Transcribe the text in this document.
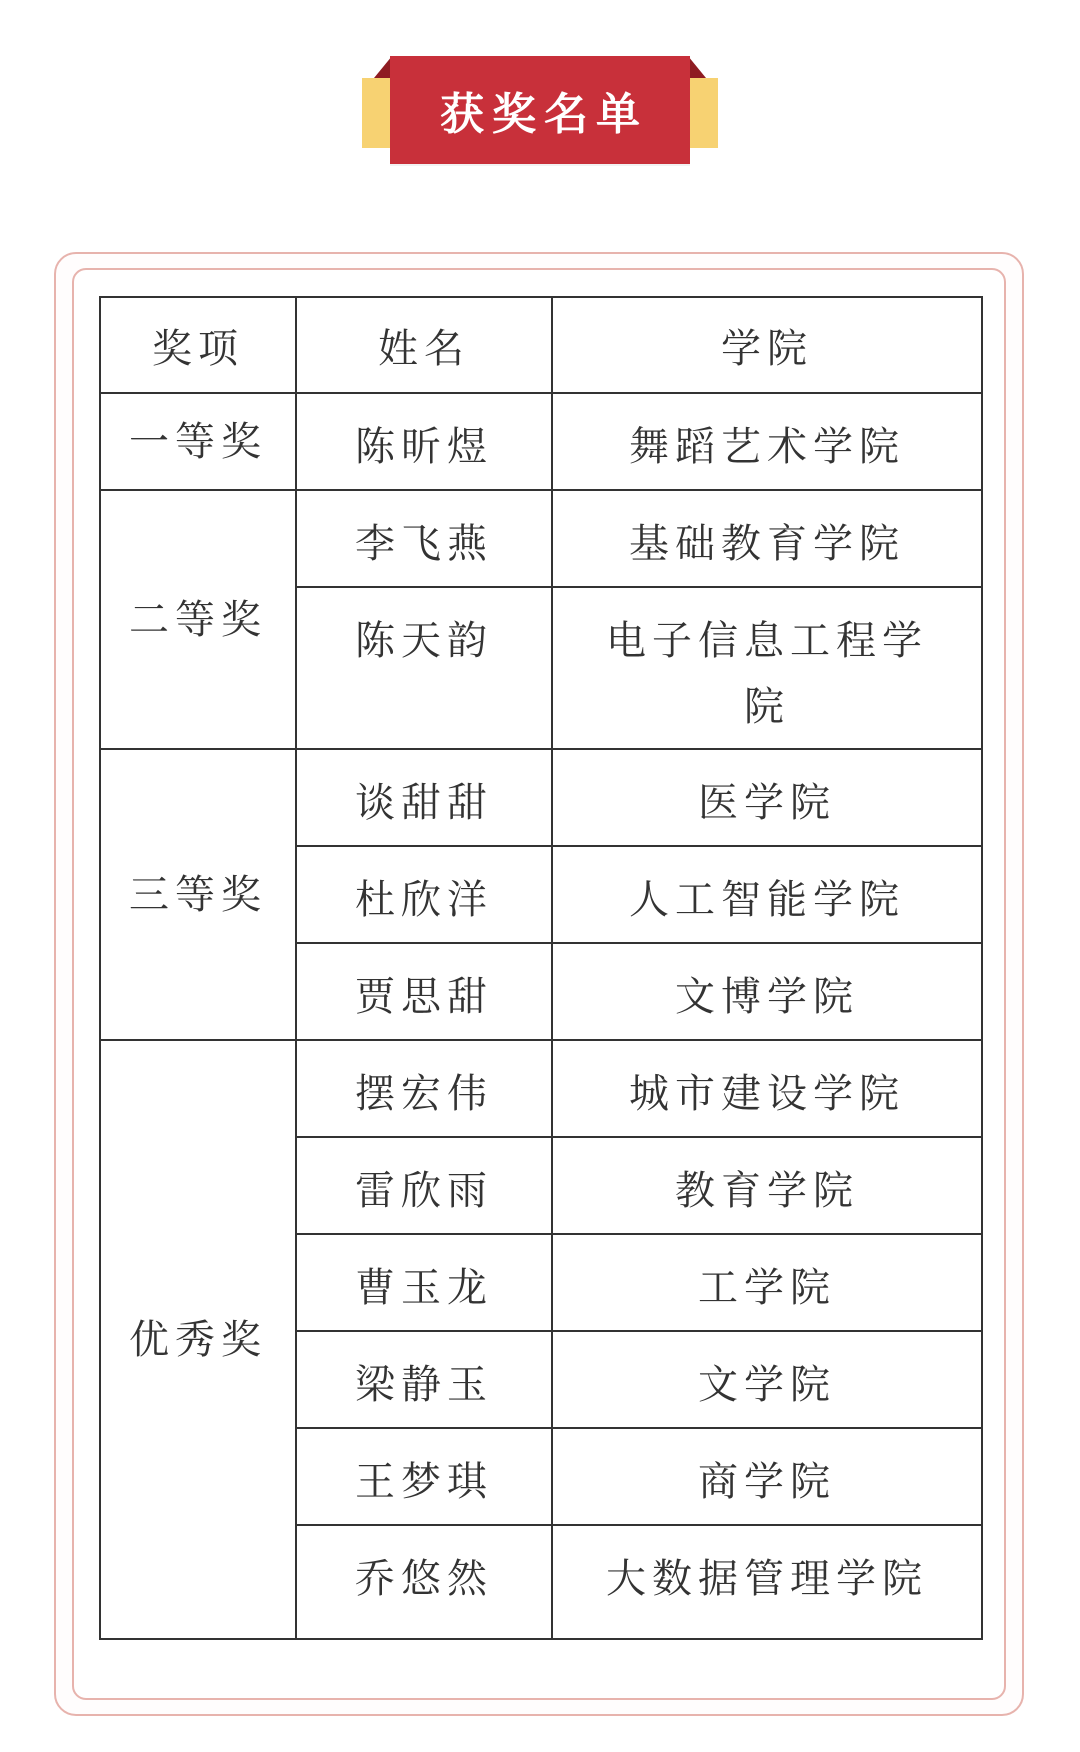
获奖名单
奖项	姓名	学院

一等奖	陈昕煜	舞蹈艺术学院

二等奖	李飞燕	基础教育学院

	陈天韵	电子信息工程学院

三等奖	谈甜甜	医学院

	杜欣洋	人工智能学院

	贾思甜	文博学院

优秀奖	摆宏伟	城市建设学院

	雷欣雨	教育学院

	曹玉龙	工学院

	梁静玉	文学院

	王梦琪	商学院

	乔悠然	大数据管理学院
